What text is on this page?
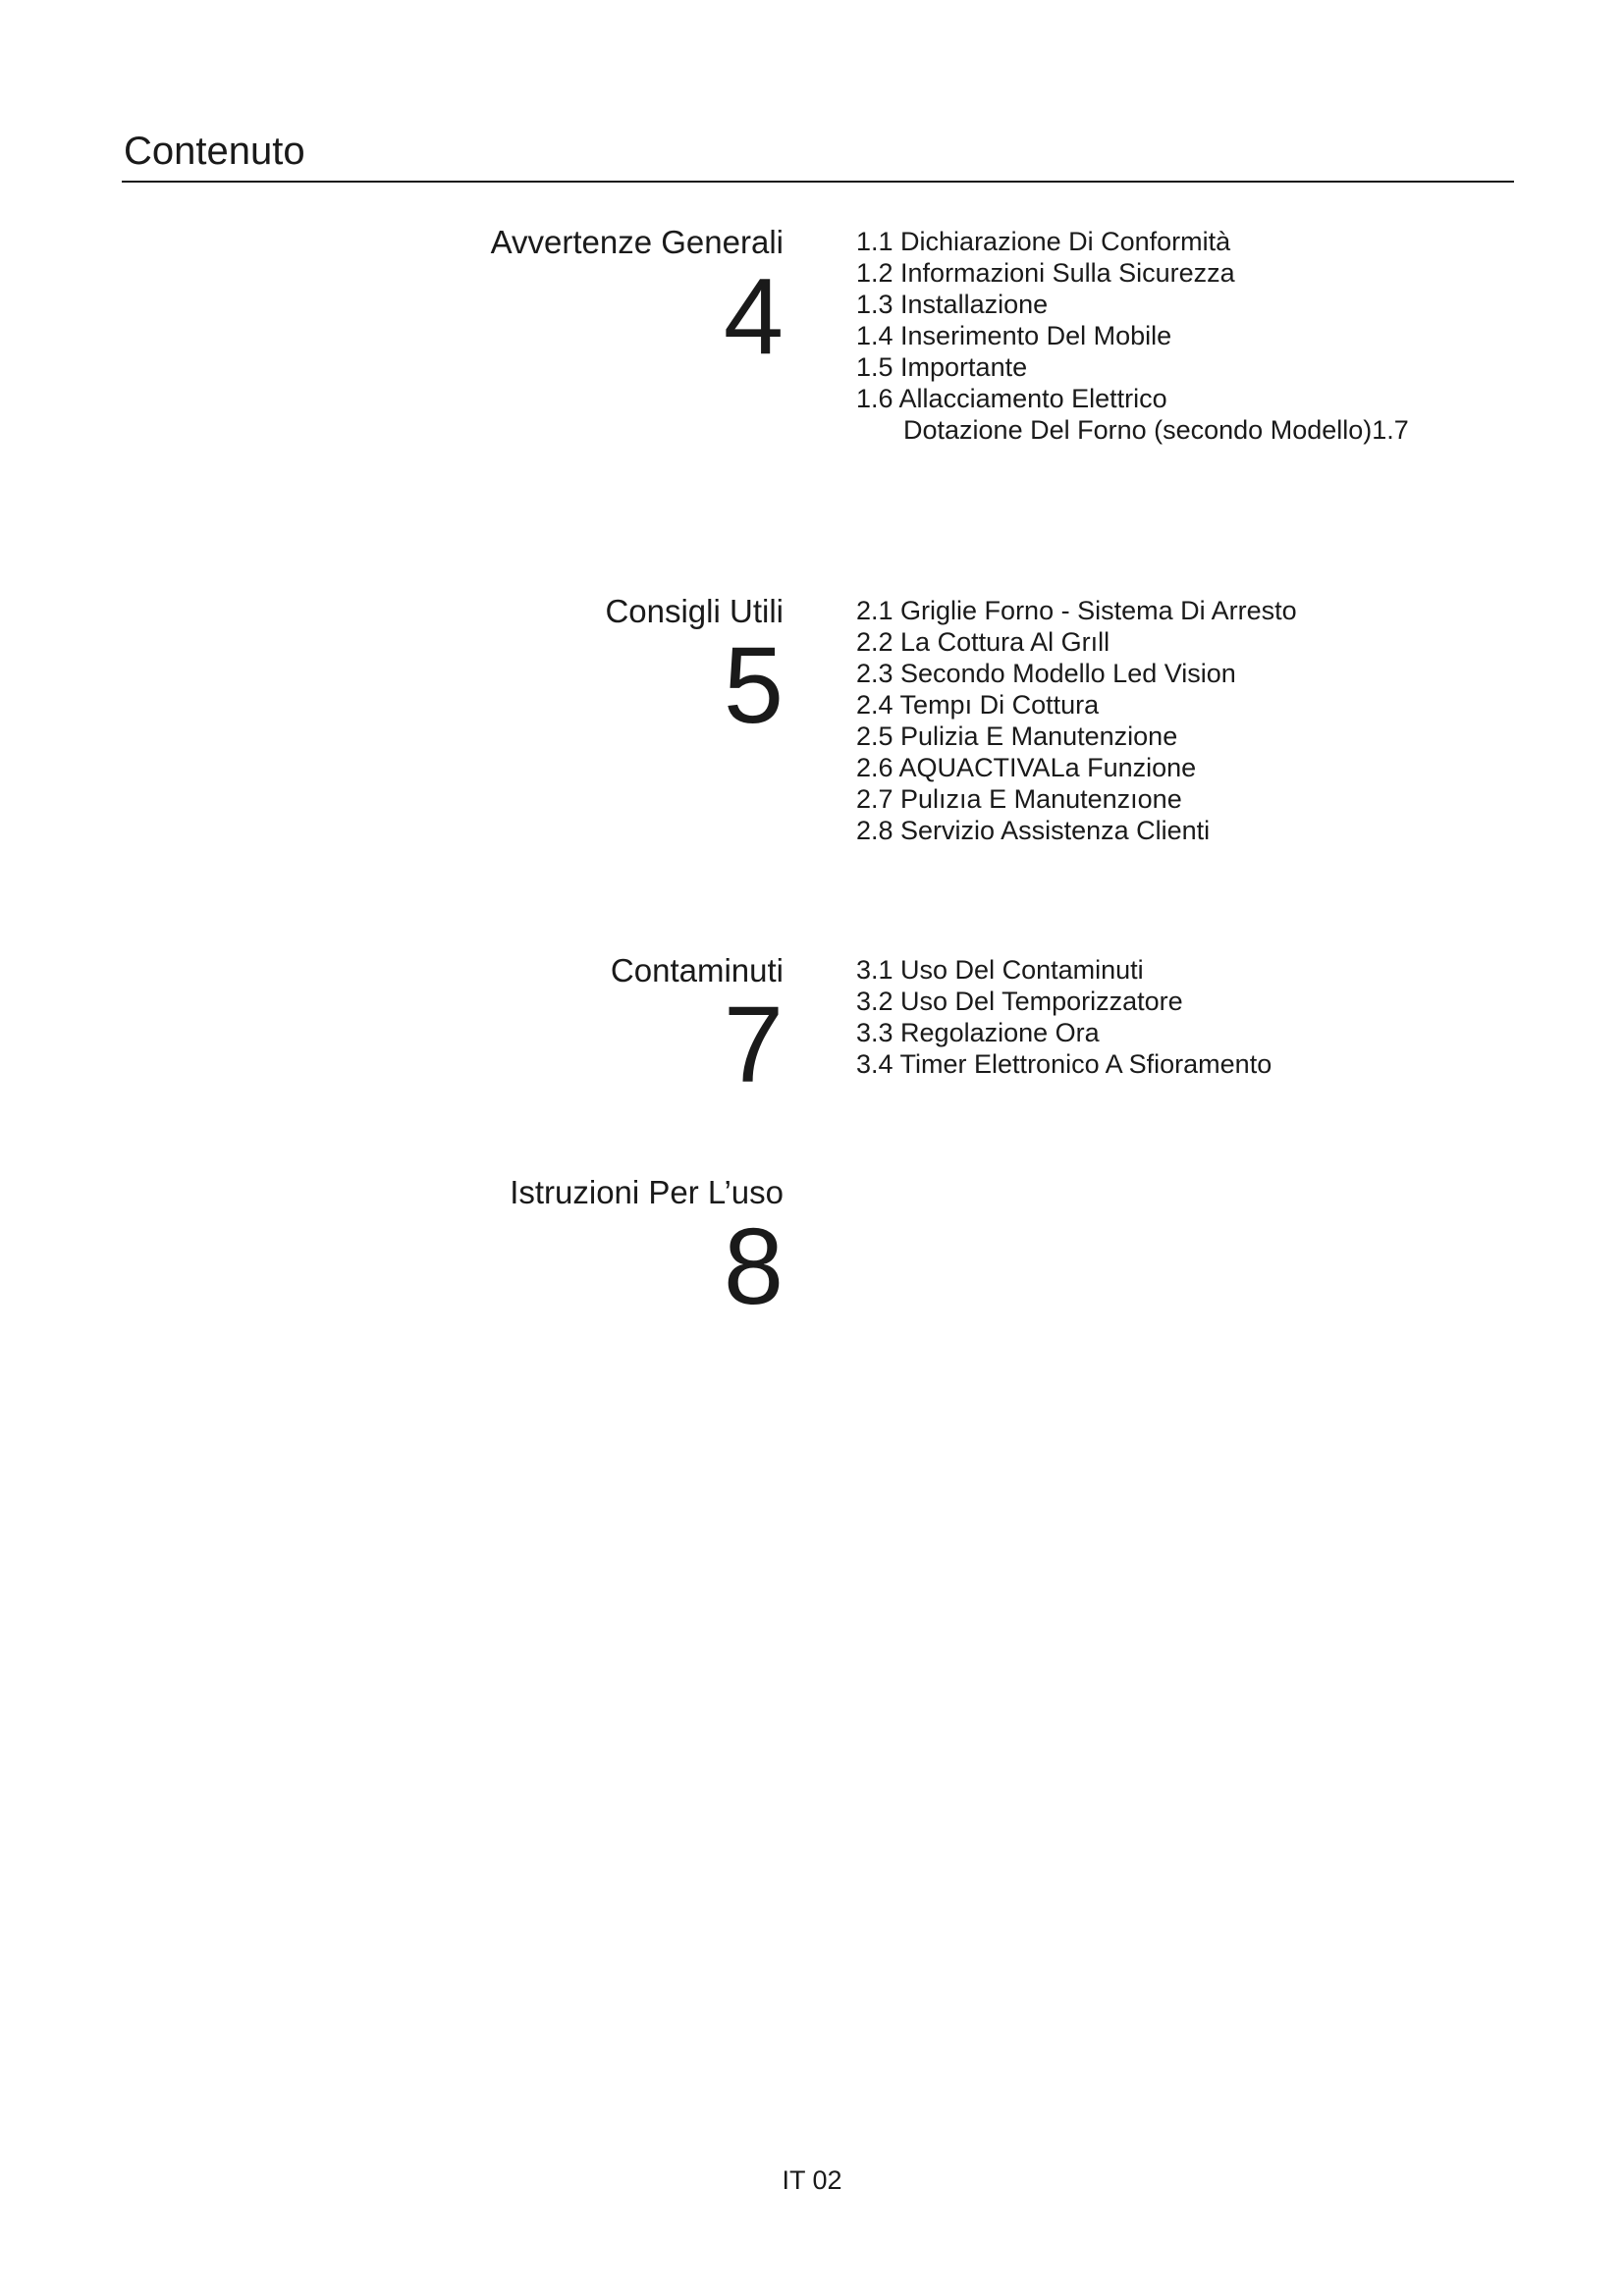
Contenuto
Avvertenze Generali
4
1.1 Dichiarazione Di Conformità
1.2 Informazioni Sulla Sicurezza
1.3 Installazione
1.4 Inserimento Del Mobile
1.5 Importante
1.6 Allacciamento Elettrico
Dotazione Del Forno (secondo Modello)1.7
Consigli Utili
5
2.1 Griglie Forno - Sistema Di Arresto
2.2 La Cottura Al Grıll
2.3 Secondo Modello Led Vision
2.4 Tempı Di Cottura
2.5 Pulizia E Manutenzione
2.6 AQUACTIVALa Funzione
2.7 Pulızıa E Manutenzıone
2.8 Servizio Assistenza Clienti
Contaminuti
7
3.1 Uso Del Contaminuti
3.2 Uso Del Temporizzatore
3.3 Regolazione Ora
3.4 Timer Elettronico A Sfioramento
Istruzioni Per L’uso
8
IT 02
